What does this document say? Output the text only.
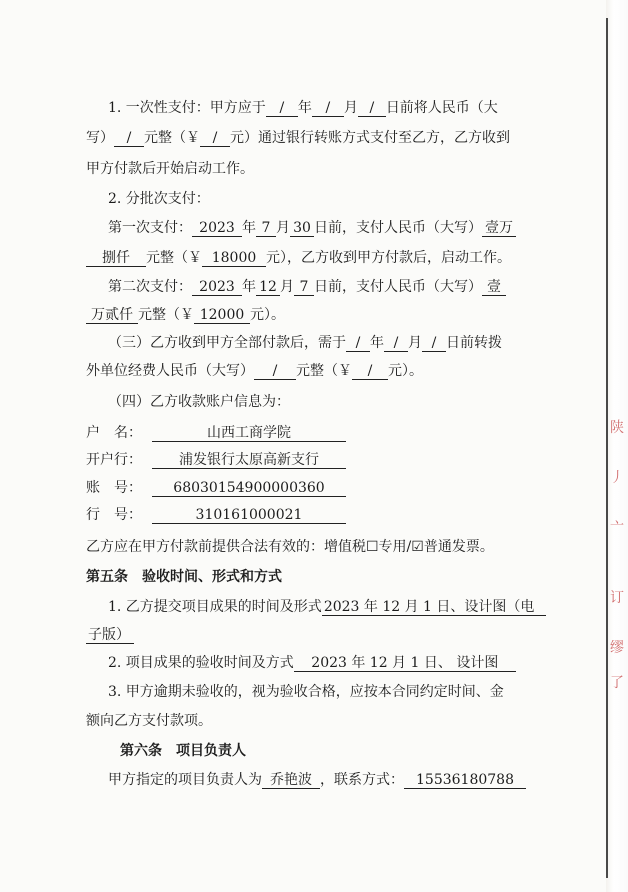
陕
丿
亠
订
缪
了
1. 一次性支付：甲方应于 / 年 / 月 / 日前将人民币（大
写） / 元整（￥ / 元）通过银行转账方式支付至乙方，乙方收到
甲方付款后开始启动工作。
2. 分批次支付：
第一次支付： 2023 年 7 月 30 日前，支付人民币（大写） 壹万
捌仟 元整（￥ 18000 元），乙方收到甲方付款后，启动工作。
第二次支付： 2023 年 12 月 7 日前，支付人民币（大写） 壹
万贰仟 元整（￥ 12000 元）。
（三）乙方收到甲方全部付款后，需于 / 年 / 月 / 日前转拨
外单位经费人民币（大写） / 元整（￥ / 元）。
（四）乙方收款账户信息为：
户　名：	山西工商学院
开户行：	浦发银行太原高新支行
账　号： 68030154900000360
行　号：	310161000021
乙方应在甲方付款前提供合法有效的：增值税☐专用/☑普通发票。
第五条　验收时间、形式和方式
1. 乙方提交项目成果的时间及形式 2023 年 12 月 1 日、设计图（电
子版）
2. 项目成果的验收时间及方式 2023 年 12 月 1 日、 设计图
3. 甲方逾期未验收的，视为验收合格，应按本合同约定时间、金
额向乙方支付款项。
第六条　项目负责人
甲方指定的项目负责人为 乔艳波 ，联系方式： 15536180788
